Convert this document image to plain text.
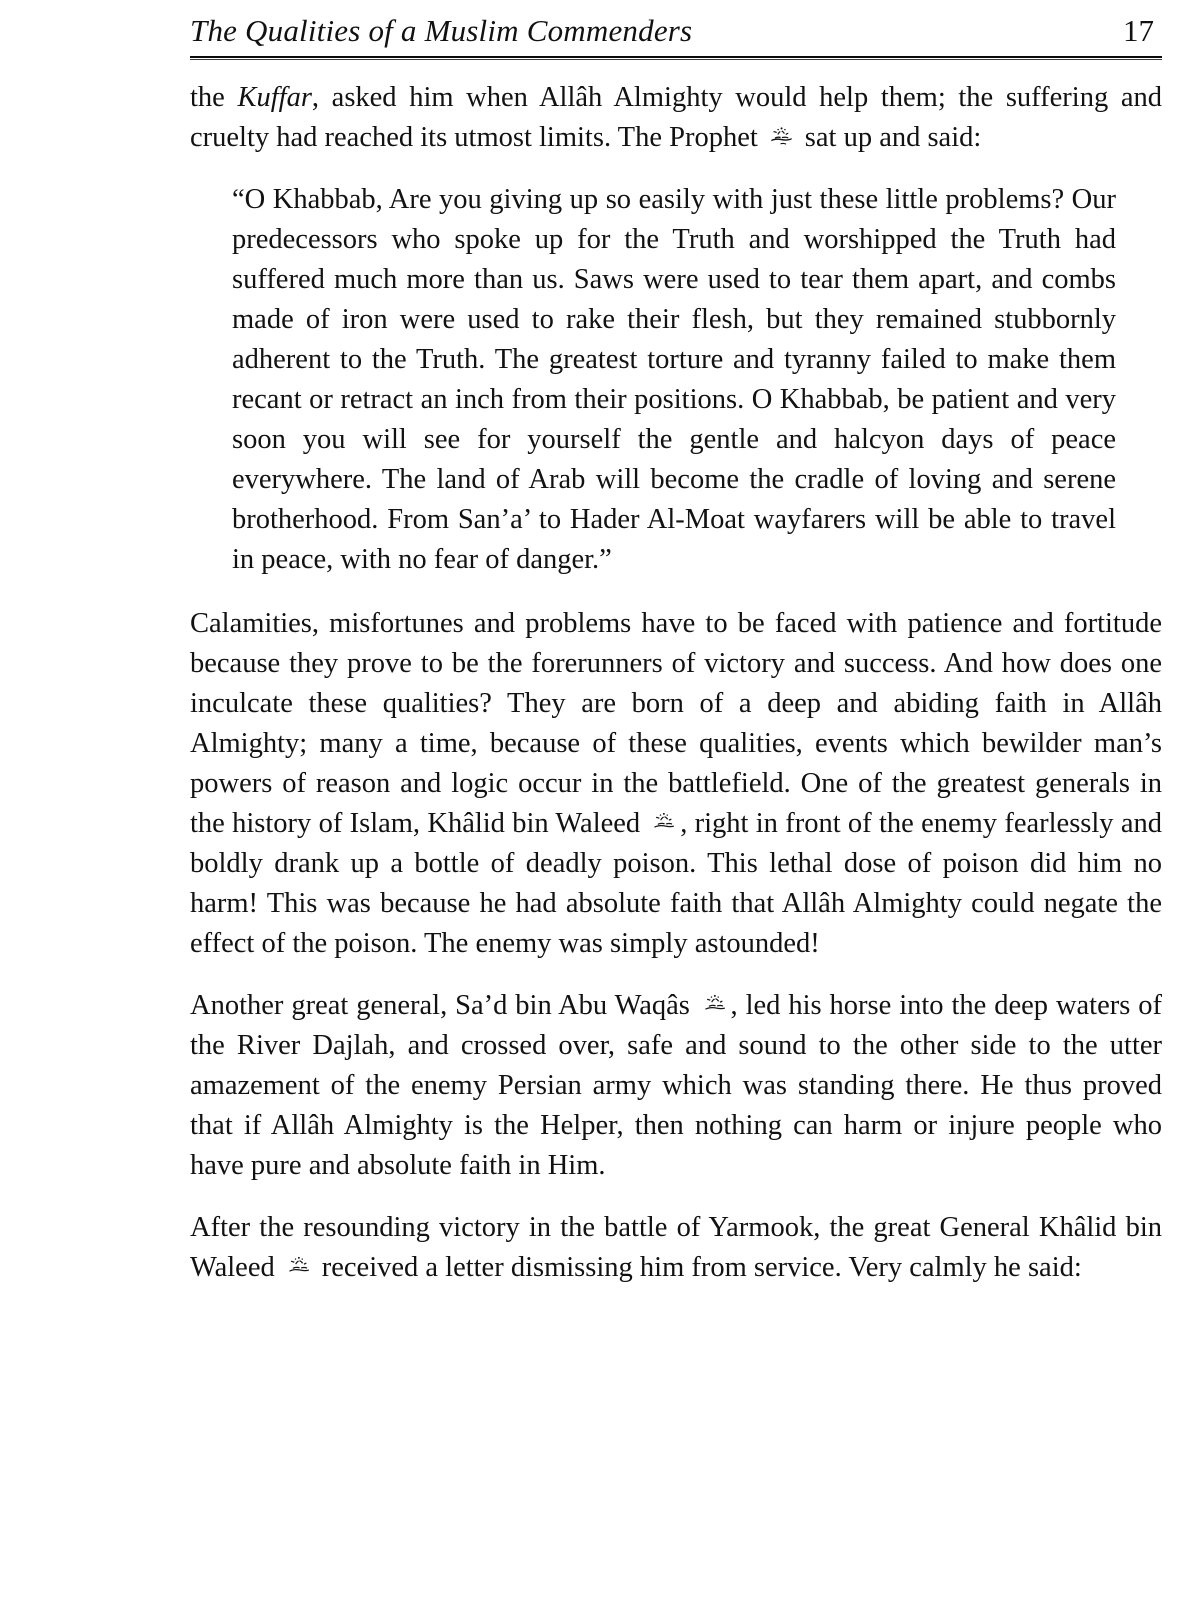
The Qualities of a Muslim Commenders	17

the Kuffar, asked him when Allâh Almighty would help them; the suffering and cruelty had reached its utmost limits. The Prophet
sat up and said:

“O Khabbab, Are you giving up so easily with just these little problems? Our predecessors who spoke up for the Truth and worshipped the Truth had suffered much more than us. Saws were used to tear them apart, and combs made of iron were used to rake their flesh, but they remained stubbornly adherent to the Truth. The greatest torture and tyranny failed to make them recant or retract an inch from their positions. O Khabbab, be patient and very soon you will see for yourself the gentle and halcyon days of peace everywhere. The land of Arab will become the cradle of loving and serene brotherhood. From San’a’ to Hader Al-Moat wayfarers will be able to travel in peace, with no fear of danger.”

Calamities, misfortunes and problems have to be faced with patience and fortitude because they prove to be the forerunners of victory and success. And how does one inculcate these qualities? They are born of a deep and abiding faith in Allâh Almighty; many a time, because of these qualities, events which bewilder man’s powers of reason and logic occur in the battlefield. One of the greatest generals in the history of Islam, Khâlid bin Waleed
, right in front of the enemy fearlessly and boldly drank up a bottle of deadly poison. This lethal dose of poison did him no harm! This was because he had absolute faith that Allâh Almighty could negate the effect of the poison. The enemy was simply astounded!

Another great general, Sa’d bin Abu Waqâs
, led his horse into the deep waters of the River Dajlah, and crossed over, safe and sound to the other side to the utter amazement of the enemy Persian army which was standing there. He thus proved that if Allâh Almighty is the Helper, then nothing can harm or injure people who have pure and absolute faith in Him.

After the resounding victory in the battle of Yarmook, the great General Khâlid bin Waleed
received a letter dismissing him from service. Very calmly he said:
